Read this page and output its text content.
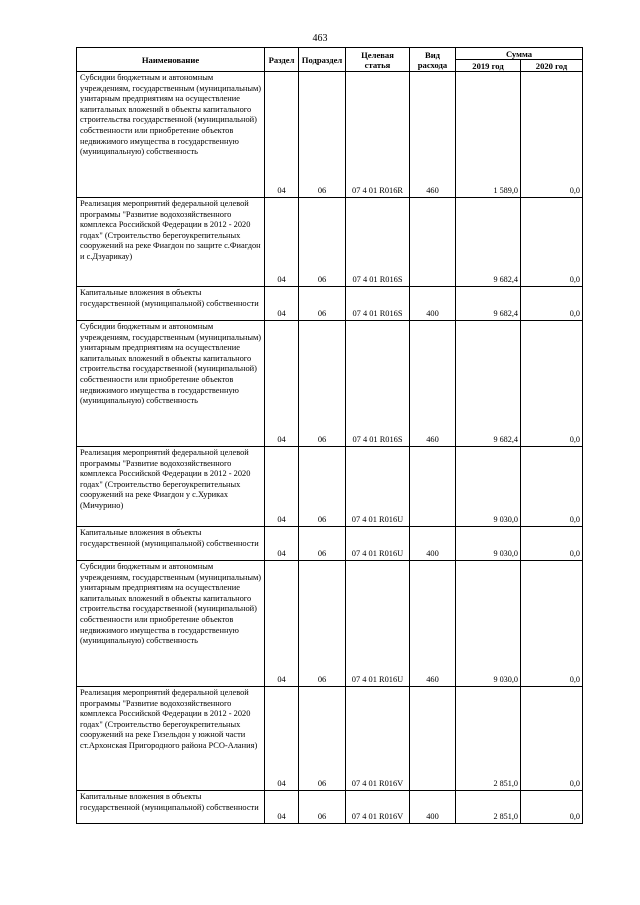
463
Наименование	Раздел	Подраздел	Целевая статья	Вид расхода	Сумма	
					2019 год	2020 год
Субсидии бюджетным и автономным учреждениям, государственным (муниципальным) унитарным предприятиям на осуществление капитальных вложений в объекты капитального строительства государственной (муниципальной) собственности или приобретение объектов недвижимого имущества в государственную (муниципальную) собственность	04	06	07 4 01 R016R	460	1 589,0	0,0
Реализация мероприятий федеральной целевой программы "Развитие водохозяйственного комплекса Российской Федерации в 2012 - 2020 годах" (Строительство берегоукрепительных сооружений на реке Фиагдон по защите с.Фиагдон и с.Дзуарикау)	04	06	07 4 01 R016S		9 682,4	0,0
Капитальные вложения в объекты государственной (муниципальной) собственности	04	06	07 4 01 R016S	400	9 682,4	0,0
Субсидии бюджетным и автономным учреждениям, государственным (муниципальным) унитарным предприятиям на осуществление капитальных вложений в объекты капитального строительства государственной (муниципальной) собственности или приобретение объектов недвижимого имущества в государственную (муниципальную) собственность	04	06	07 4 01 R016S	460	9 682,4	0,0
Реализация мероприятий федеральной целевой программы "Развитие водохозяйственного комплекса Российской Федерации в 2012 - 2020 годах" (Строительство берегоукрепительных сооружений на реке Фиагдон у с.Хуриках (Мичурино)	04	06	07 4 01 R016U		9 030,0	0,0
Капитальные вложения в объекты государственной (муниципальной) собственности	04	06	07 4 01 R016U	400	9 030,0	0,0
Субсидии бюджетным и автономным учреждениям, государственным (муниципальным) унитарным предприятиям на осуществление капитальных вложений в объекты капитального строительства государственной (муниципальной) собственности или приобретение объектов недвижимого имущества в государственную (муниципальную) собственность	04	06	07 4 01 R016U	460	9 030,0	0,0
Реализация мероприятий федеральной целевой программы "Развитие водохозяйственного комплекса Российской Федерации в 2012 - 2020 годах" (Строительство берегоукрепительных сооружений на реке Гизельдон у южной части ст.Архонская Пригородного района РСО-Алания)	04	06	07 4 01 R016V		2 851,0	0,0
Капитальные вложения в объекты государственной (муниципальной) собственности	04	06	07 4 01 R016V	400	2 851,0	0,0
